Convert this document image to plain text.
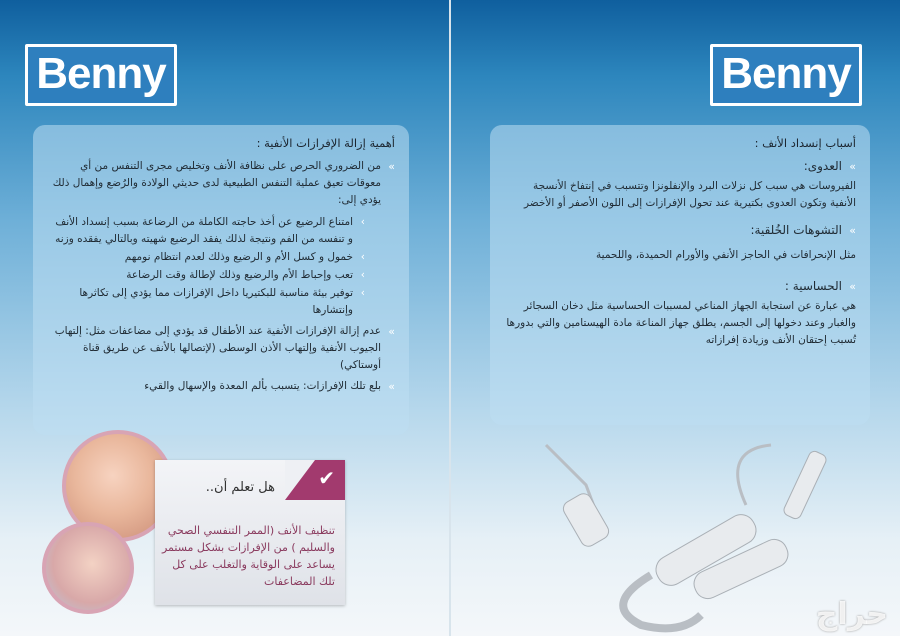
Benny
أهمية إزالة الإفرازات الأنفية :
» من الضروري الحرص على نظافة الأنف وتخليص مجرى التنفس من أي معوقات تعيق عملية التنفس الطبيعية لدى حديثي الولادة والرُضع وإهمال ذلك يؤدي إلى:
› امتناع الرضيع عن أخذ حاجته الكاملة من الرضاعة بسبب إنسداد الأنف و تنفسه من الفم ونتيجة لذلك يفقد الرضيع شهيته وبالتالي يفقده وزنه
› خمول و كسل الأم و الرضيع وذلك لعدم انتظام نومهم
› تعب وإحباط الأم والرضيع وذلك لإطالة وقت الرضاعة
› توفير بيئة مناسبة للبكتيريا داخل الإفرازات مما يؤدي إلى تكاثرها وإنتشارها
» عدم إزالة الإفرازات الأنفية عند الأطفال قد يؤدي إلى مضاعفات مثل: إلتهاب الجيوب الأنفية وإلتهاب الأذن الوسطى (لإتصالها بالأنف عن طريق قناة أوستاكي)
» بلع تلك الإفرازات: يتسبب بألم المعدة والإسهال والقيء
✔
هل تعلم أن..

تنظيف الأنف (الممر التنفسي الصحي والسليم ) من الإفرازات بشكل مستمر يساعد على الوقاية والتغلب على كل تلك المضاعفات

Benny
أسباب إنسداد الأنف :
» العدوى:
الفيروسات هي سبب كل نزلات البرد والإنفلونزا وتتسبب في إنتفاخ الأنسجة الأنفية وتكون العدوى بكتيرية عند تحول الإفرازات إلى اللون الأصفر أو الأخضر
» التشوهات الخُلقية:
مثل الإنحرافات في الحاجز الأنفي والأورام الحميدة، واللحمية
» الحساسية :
هي عبارة عن استجابة الجهاز المناعي لمسببات الحساسية مثل دخان السجائر والغبار وعند دخولها إلى الجسم، يطلق جهاز المناعة مادة الهيستامين والتي بدورها تُسبب إحتقان الأنف وزيادة إفرازاته
حراج
